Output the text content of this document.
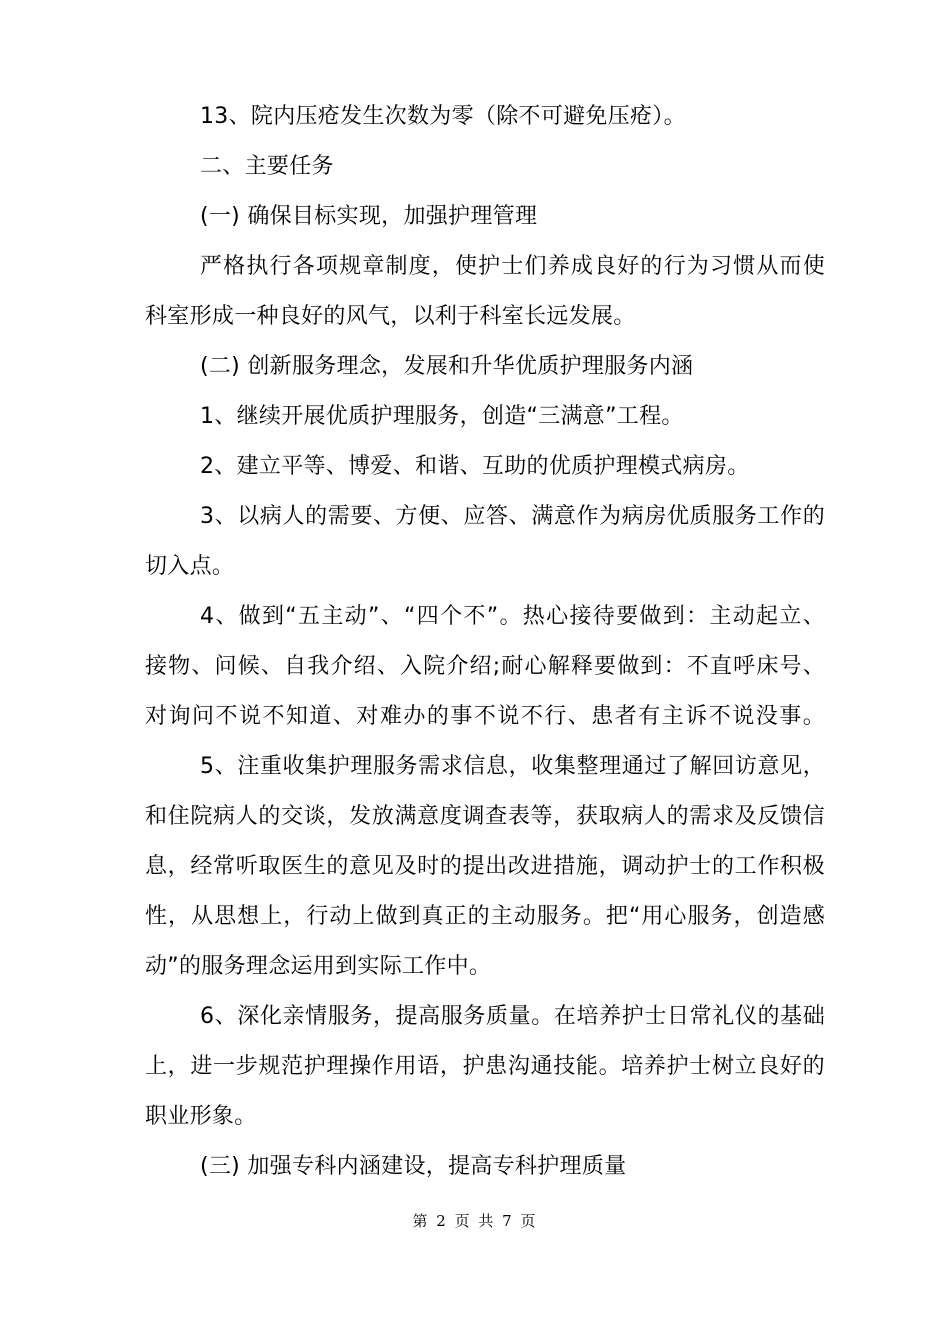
13、院内压疮发生次数为零（除不可避免压疮）。
二、主要任务
(一) 确保目标实现，加强护理管理
严格执行各项规章制度，使护士们养成良好的行为习惯从而使
科室形成一种良好的风气，以利于科室长远发展。
(二) 创新服务理念，发展和升华优质护理服务内涵
1、继续开展优质护理服务，创造“三满意”工程。
2、建立平等、博爱、和谐、互助的优质护理模式病房。
3、以病人的需要、方便、应答、满意作为病房优质服务工作的
切入点。
4、做到“五主动”、“四个不”。热心接待要做到：主动起立、
接物、问候、自我介绍、入院介绍;耐心解释要做到：不直呼床号、
对询问不说不知道、对难办的事不说不行、患者有主诉不说没事。
5、注重收集护理服务需求信息，收集整理通过了解回访意见，
和住院病人的交谈，发放满意度调查表等，获取病人的需求及反馈信
息，经常听取医生的意见及时的提出改进措施，调动护士的工作积极
性，从思想上，行动上做到真正的主动服务。把“用心服务，创造感
动”的服务理念运用到实际工作中。
6、深化亲情服务，提高服务质量。在培养护士日常礼仪的基础
上，进一步规范护理操作用语，护患沟通技能。培养护士树立良好的
职业形象。
(三) 加强专科内涵建设，提高专科护理质量
第 2 页 共 7 页
